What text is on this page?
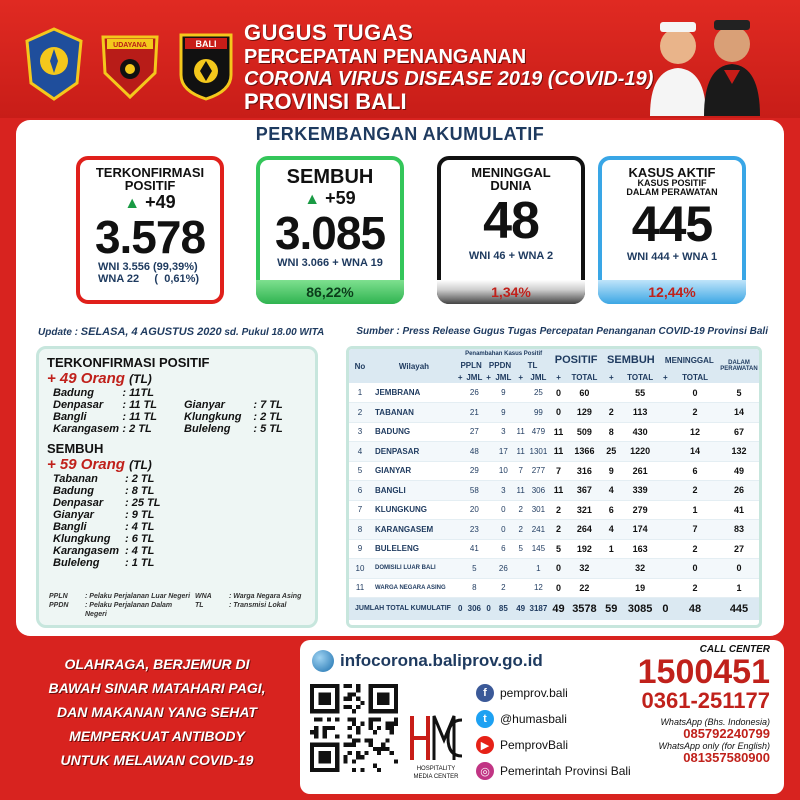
UDAYANA	BALI GUGUS TUGAS
PERCEPATAN PENANGANAN
CORONA VIRUS DISEASE 2019 (COVID-19)
PROVINSI BALI
PERKEMBANGAN AKUMULATIF
TERKONFIRMASI
POSITIF
▲ +49
3.578
WNI 3.556 (99,39%)
WNA 22     (  0,61%)
SEMBUH
▲ +59
3.085
WNI 3.066 + WNA 19
86,22%
MENINGGAL
DUNIA
48
WNI 46 + WNA 2
1,34%
KASUS AKTIF
KASUS POSITIF
DALAM PERAWATAN
445
WNI 444 + WNA 1
12,44%
Update : SELASA, 4 AGUSTUS 2020 sd. Pukul 18.00 WITA	Sumber : Press Release Gugus Tugas Percepatan Penanganan COVID-19 Provinsi Bali
TERKONFIRMASI POSITIF
+ 49 Orang (TL)
Badung	: 11TL
Denpasar	: 11 TL	Gianyar	: 7 TL
Bangli	: 11 TL	Klungkung	: 2 TL
Karangasem : 2 TL	Buleleng	: 5 TL
SEMBUH
+ 59 Orang (TL)
Tabanan	: 2 TL
Badung	: 8 TL
Denpasar	: 25 TL
Gianyar	: 9 TL
Bangli	: 4 TL
Klungkung	: 6 TL
Karangasem : 4 TL
Buleleng	: 1 TL
PPLN	: Pelaku Perjalanan Luar Negeri WNA	: Warga Negara Asing
PPDN	: Pelaku Perjalanan Dalam Negeri
TL	: Transmisi Lokal
No	Wilayah	Penambahan Kasus Positif						POSITIF		SEMBUH		MENINGGAL		DALAM PERAWATAN
		PPLN		PPDN		TL								
		+	JML	+	JML	+	JML	+	TOTAL	+	TOTAL	+	TOTAL	
1	JEMBRANA		26		9		25	0	60		55		0	5
2	TABANAN		21		9		99	0	129	2	113		2	14
3	BADUNG		27		3	11	479	11	509	8	430		12	67
4	DENPASAR		48		17	11	1301	11	1366	25	1220		14	132
5	GIANYAR		29		10	7	277	7	316	9	261		6	49
6	BANGLI		58		3	11	306	11	367	4	339		2	26
7	KLUNGKUNG		20		0	2	301	2	321	6	279		1	41
8	KARANGASEM		23		0	2	241	2	264	4	174		7	83
9	BULELENG		41		6	5	145	5	192	1	163		2	27
10	DOMISILI LUAR BALI		5		26		1	0	32		32		0	0
11	WARGA NEGARA ASING		8		2		12	0	22		19		2	1
JUMLAH TOTAL KUMULATIF		0	306	0	85	49	3187	49	3578	59	3085	0	48	445
OLAHRAGA, BERJEMUR DI
BAWAH SINAR MATAHARI PAGI,
DAN MAKANAN YANG SEHAT
MEMPERKUAT ANTIBODY
UNTUK MELAWAN COVID-19
infocorona.baliprov.go.id
HOSPITALITY
MEDIA CENTER
f	pemprov.bali
t	@humasbali
▶ PemprovBali
◎ Pemerintah Provinsi Bali
CALL CENTER
1500451
0361-251177
WhatsApp (Bhs. Indonesia)
085792240799
WhatsApp only (for English)
081357580900
